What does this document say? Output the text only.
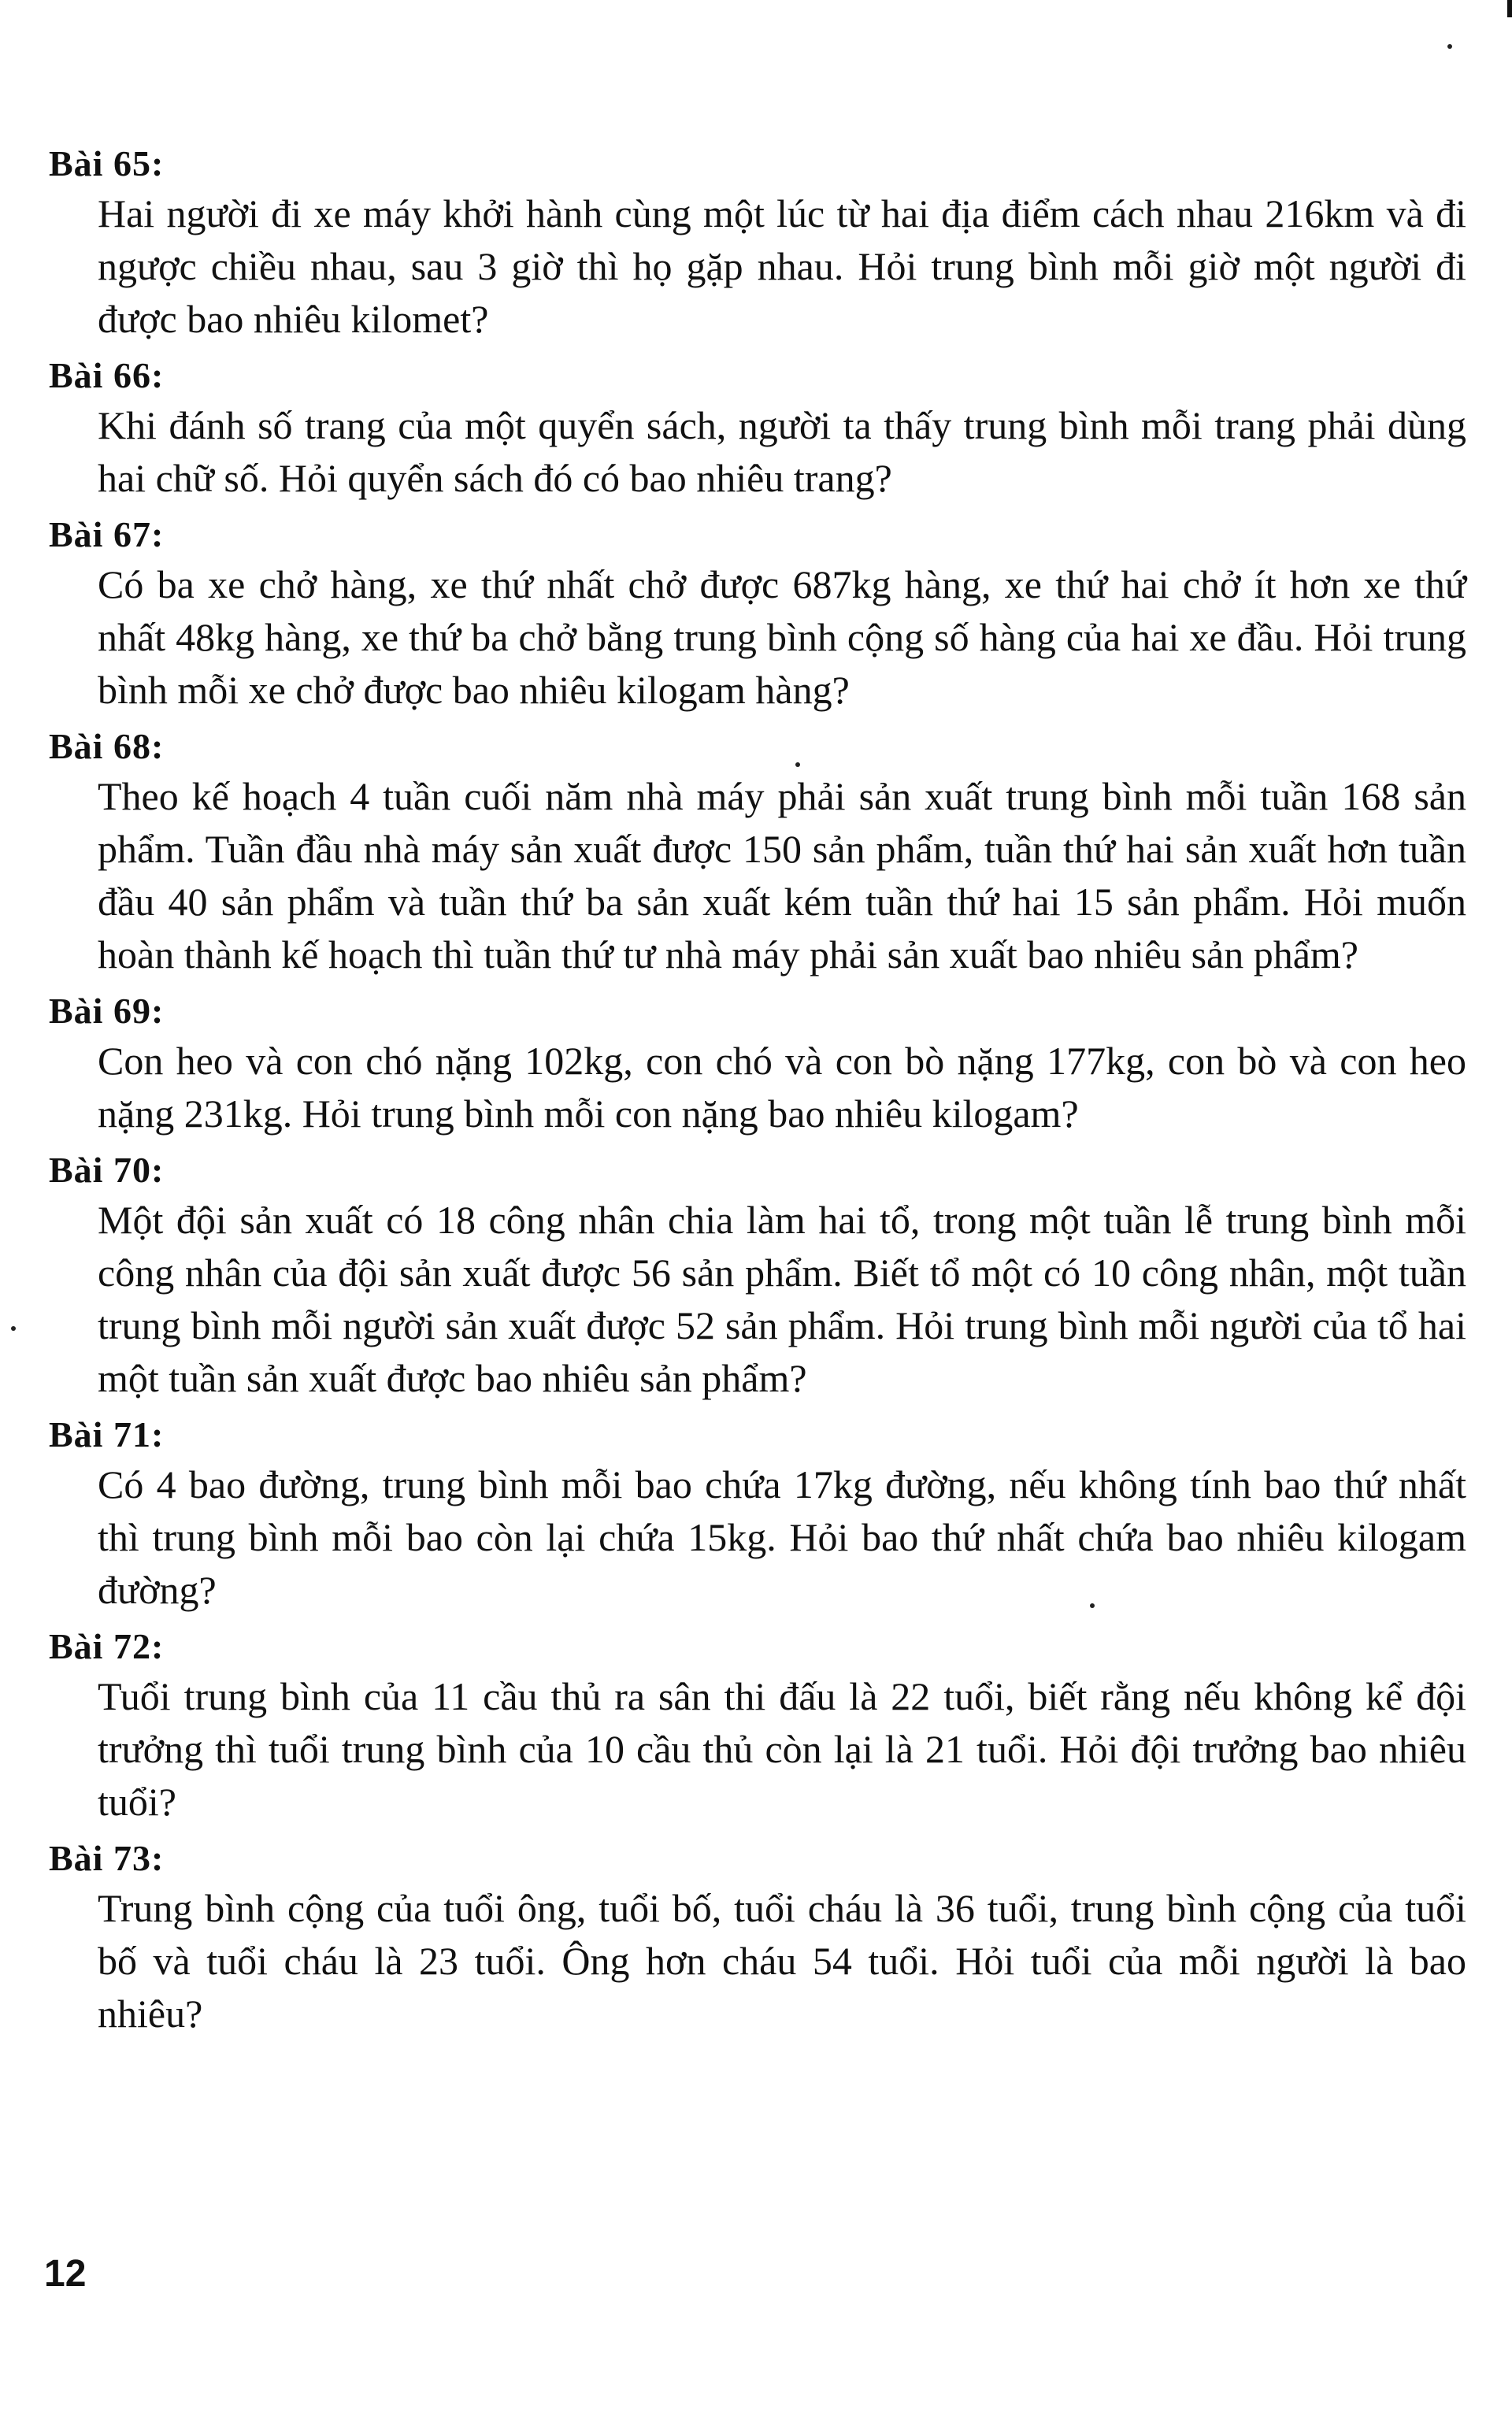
Bài 65:
Hai người đi xe máy khởi hành cùng một lúc từ hai địa điểm cách nhau 216km và đi ngược chiều nhau, sau 3 giờ thì họ gặp nhau. Hỏi trung bình mỗi giờ một người đi được bao nhiêu kilomet?
Bài 66:
Khi đánh số trang của một quyển sách, người ta thấy trung bình mỗi trang phải dùng hai chữ số. Hỏi quyển sách đó có bao nhiêu trang?
Bài 67:
Có ba xe chở hàng, xe thứ nhất chở được 687kg hàng, xe thứ hai chở ít hơn xe thứ nhất 48kg hàng, xe thứ ba chở bằng trung bình cộng số hàng của hai xe đầu. Hỏi trung bình mỗi xe chở được bao nhiêu kilogam hàng?
Bài 68:
Theo kế hoạch 4 tuần cuối năm nhà máy phải sản xuất trung bình mỗi tuần 168 sản phẩm. Tuần đầu nhà máy sản xuất được 150 sản phẩm, tuần thứ hai sản xuất hơn tuần đầu 40 sản phẩm và tuần thứ ba sản xuất kém tuần thứ hai 15 sản phẩm. Hỏi muốn hoàn thành kế hoạch thì tuần thứ tư nhà máy phải sản xuất bao nhiêu sản phẩm?
Bài 69:
Con heo và con chó nặng 102kg, con chó và con bò nặng 177kg, con bò và con heo nặng 231kg. Hỏi trung bình mỗi con nặng bao nhiêu kilogam?
Bài 70:
Một đội sản xuất có 18 công nhân chia làm hai tổ, trong một tuần lễ trung bình mỗi công nhân của đội sản xuất được 56 sản phẩm. Biết tổ một có 10 công nhân, một tuần trung bình mỗi người sản xuất được 52 sản phẩm. Hỏi trung bình mỗi người của tổ hai một tuần sản xuất được bao nhiêu sản phẩm?
Bài 71:
Có 4 bao đường, trung bình mỗi bao chứa 17kg đường, nếu không tính bao thứ nhất thì trung bình mỗi bao còn lại chứa 15kg. Hỏi bao thứ nhất chứa bao nhiêu kilogam đường?
Bài 72:
Tuổi trung bình của 11 cầu thủ ra sân thi đấu là 22 tuổi, biết rằng nếu không kể đội trưởng thì tuổi trung bình của 10 cầu thủ còn lại là 21 tuổi. Hỏi đội trưởng bao nhiêu tuổi?
Bài 73:
Trung bình cộng của tuổi ông, tuổi bố, tuổi cháu là 36 tuổi, trung bình cộng của tuổi bố và tuổi cháu là 23 tuổi. Ông hơn cháu 54 tuổi. Hỏi tuổi của mỗi người là bao nhiêu?
12
